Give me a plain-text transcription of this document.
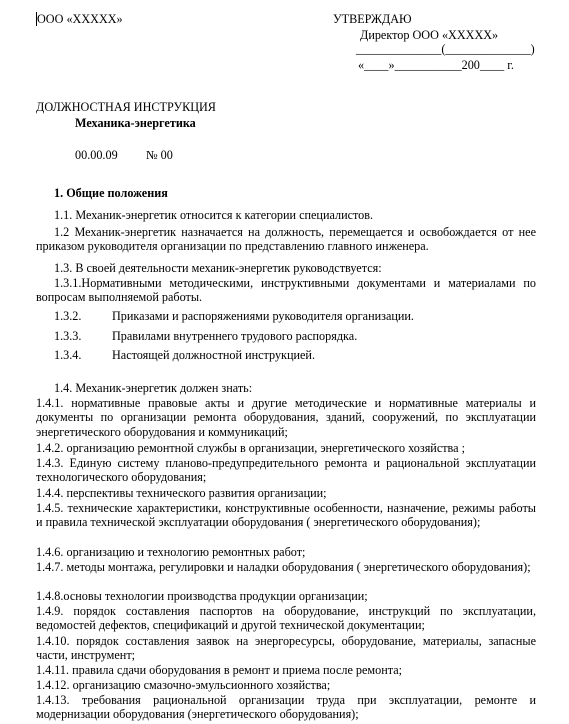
ООО «XXXXX»	УТВЕРЖДАЮ
Директор ООО «XXXXX»
______________(______________)
«____»___________200____ г.
ДОЛЖНОСТНАЯ ИНСТРУКЦИЯ
Механика-энергетика
00.00.09 № 00
1. Общие положения
1.1. Механик-энергетик относится к категории специалистов.
1.2 Механик-энергетик назначается на должность, перемещается и освобождается от нее приказом руководителя организации по представлению главного инженера.
1.3. В своей деятельности механик-энергетик руководствуется:
1.3.1.Нормативными методическими, инструктивными документами и материалами по вопросам выполняемой работы.
1.3.2.	Приказами и распоряжениями руководителя организации.
1.3.3.	Правилами внутреннего трудового распорядка.
1.3.4.	Настоящей должностной инструкцией.
1.4. Механик-энергетик должен знать:
1.4.1. нормативные правовые акты и другие методические и нормативные материалы и документы по организации ремонта оборудования, зданий, сооружений, по эксплуатации энергетического оборудования и коммуникаций;
1.4.2. организацию ремонтной службы в организации, энергетического хозяйства ;
1.4.3. Единую систему планово-предупредительного ремонта и рациональной эксплуатации технологического оборудования;
1.4.4. перспективы технического развития организации;
1.4.5. технические характеристики, конструктивные особенности, назначение, режимы работы и правила технической эксплуатации оборудования ( энергетического оборудования);
1.4.6. организацию и технологию ремонтных работ;
1.4.7. методы монтажа, регулировки и наладки оборудования ( энергетического оборудования);
1.4.8.основы технологии производства продукции организации;
1.4.9. порядок составления паспортов на оборудование, инструкций по эксплуатации, ведомостей дефектов, спецификаций и другой технической документации;
1.4.10. порядок составления заявок на энергоресурсы, оборудование, материалы, запасные части, инструмент;
1.4.11. правила сдачи оборудования в ремонт и приема после ремонта;
1.4.12. организацию смазочно-эмульсионного хозяйства;
1.4.13. требования рациональной организации труда при эксплуатации, ремонте и модернизации оборудования (энергетического оборудования);
